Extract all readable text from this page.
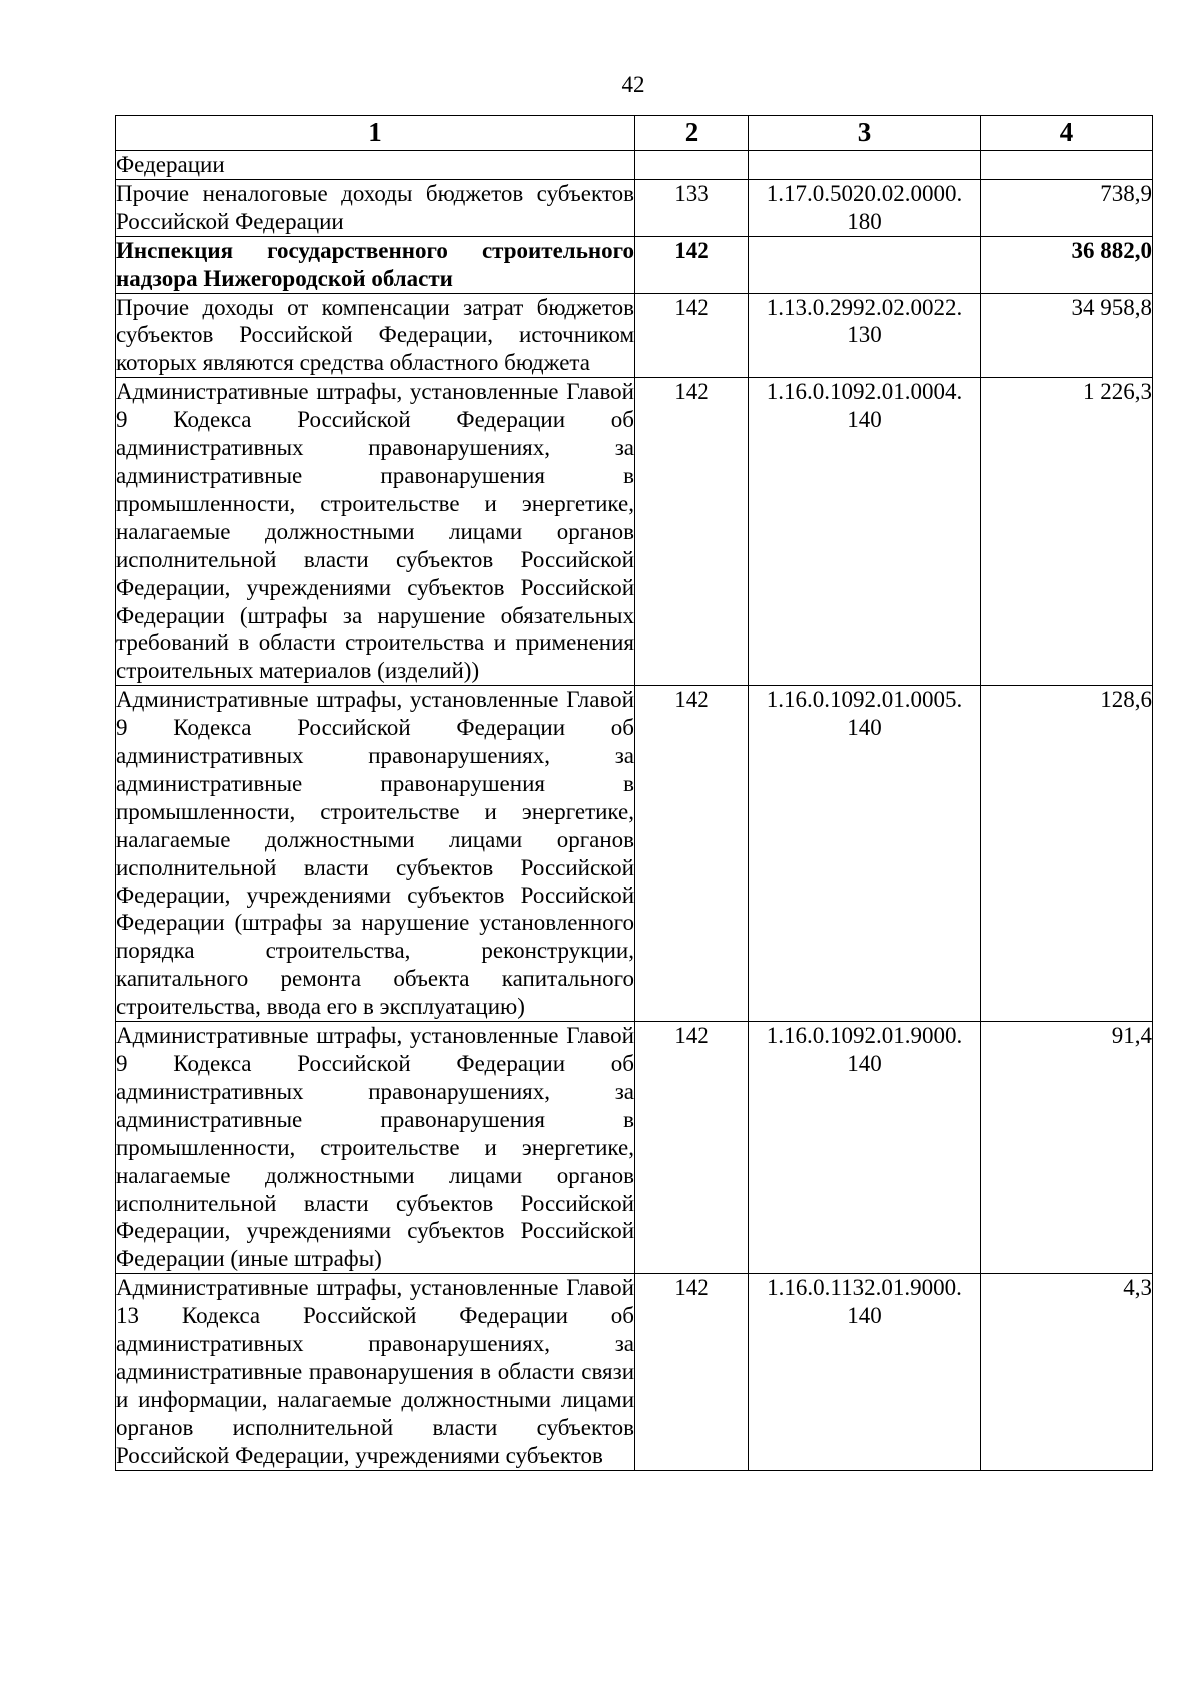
42
1	2	3	4
Федерации			
Прочие неналоговые доходы бюджетов субъектов Российской Федерации	133	1.17.0.5020.02.0000. 180	738,9
Инспекция государственного строительного надзора Нижегородской области	142		36 882,0
Прочие доходы от компенсации затрат бюджетов субъектов Российской Федерации, источником которых являются средства областного бюджета	142	1.13.0.2992.02.0022. 130	34 958,8
Административные штрафы, установленные Главой 9 Кодекса Российской Федерации об административных правонарушениях, за административные правонарушения в промышленности, строительстве и энергетике, налагаемые должностными лицами органов исполнительной власти субъектов Российской Федерации, учреждениями субъектов Российской Федерации (штрафы за нарушение обязательных требований в области строительства и применения строительных материалов (изделий))	142	1.16.0.1092.01.0004. 140	1 226,3
Административные штрафы, установленные Главой 9 Кодекса Российской Федерации об административных правонарушениях, за административные правонарушения в промышленности, строительстве и энергетике, налагаемые должностными лицами органов исполнительной власти субъектов Российской Федерации, учреждениями субъектов Российской Федерации (штрафы за нарушение установленного порядка строительства, реконструкции, капитального ремонта объекта капитального строительства, ввода его в эксплуатацию)	142	1.16.0.1092.01.0005. 140	128,6
Административные штрафы, установленные Главой 9 Кодекса Российской Федерации об административных правонарушениях, за административные правонарушения в промышленности, строительстве и энергетике, налагаемые должностными лицами органов исполнительной власти субъектов Российской Федерации, учреждениями субъектов Российской Федерации (иные штрафы)	142	1.16.0.1092.01.9000. 140	91,4
Административные штрафы, установленные Главой 13 Кодекса Российской Федерации об административных правонарушениях, за административные правонарушения в области связи и информации, налагаемые должностными лицами органов исполнительной власти субъектов Российской Федерации, учреждениями субъектов	142	1.16.0.1132.01.9000. 140	4,3
